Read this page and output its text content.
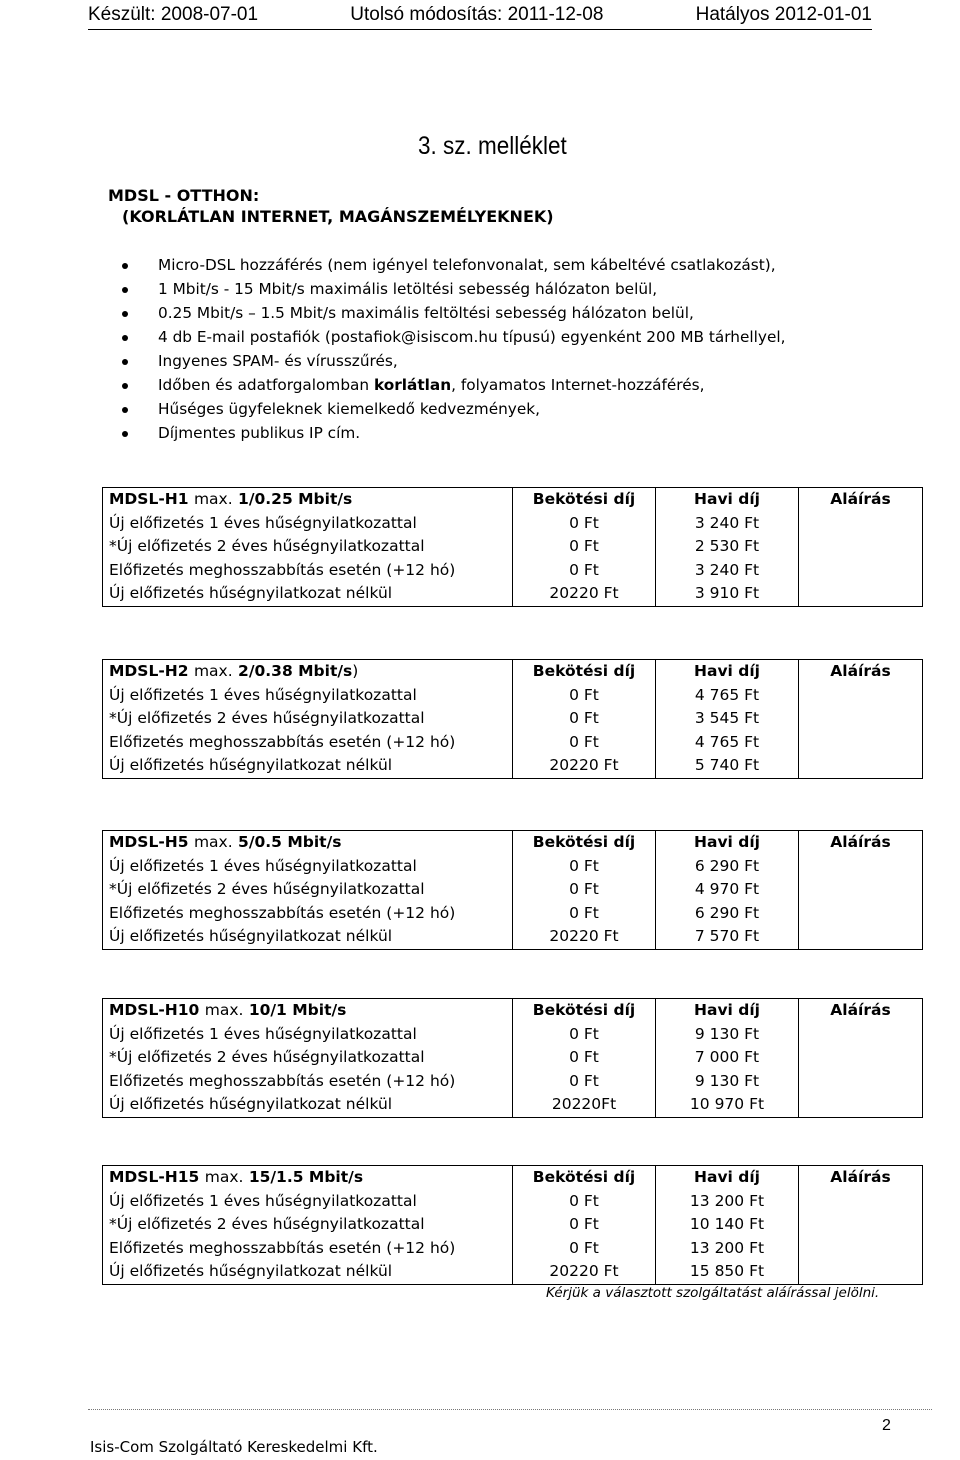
Készült: 2008-07-01	Utolsó módosítás: 2011-12-08	Hatályos 2012-01-01
3. sz. melléklet
MDSL - OTTHON:
(KORLÁTLAN INTERNET, MAGÁNSZEMÉLYEKNEK)
Micro-DSL hozzáférés (nem igényel telefonvonalat, sem kábeltévé csatlakozást),
1 Mbit/s - 15 Mbit/s maximális letöltési sebesség hálózaton belül,
0.25 Mbit/s – 1.5 Mbit/s maximális feltöltési sebesség hálózaton belül,
4 db E-mail postafiók (postafiok@isiscom.hu típusú) egyenként 200 MB tárhellyel,
Ingyenes SPAM- és vírusszűrés,
Időben és adatforgalomban korlátlan, folyamatos Internet-hozzáférés,
Hűséges ügyfeleknek kiemelkedő kedvezmények,
Díjmentes publikus IP cím.
MDSL-H1 max. 1/0.25 Mbit/s	Bekötési díj	Havi díj	Aláírás
Új előfizetés 1 éves hűségnyilatkozattal	0 Ft	3 240 Ft	
*Új előfizetés 2 éves hűségnyilatkozattal	0 Ft	2 530 Ft	
Előfizetés meghosszabbítás esetén (+12 hó)	0 Ft	3 240 Ft	
Új előfizetés hűségnyilatkozat nélkül	20220 Ft	3 910 Ft	
MDSL-H2 max. 2/0.38 Mbit/s)	Bekötési díj	Havi díj	Aláírás
Új előfizetés 1 éves hűségnyilatkozattal	0 Ft	4 765 Ft	
*Új előfizetés 2 éves hűségnyilatkozattal	0 Ft	3 545 Ft	
Előfizetés meghosszabbítás esetén (+12 hó)	0 Ft	4 765 Ft	
Új előfizetés hűségnyilatkozat nélkül	20220 Ft	5 740 Ft	
MDSL-H5 max. 5/0.5 Mbit/s	Bekötési díj	Havi díj	Aláírás
Új előfizetés 1 éves hűségnyilatkozattal	0 Ft	6 290 Ft	
*Új előfizetés 2 éves hűségnyilatkozattal	0 Ft	4 970 Ft	
Előfizetés meghosszabbítás esetén (+12 hó)	0 Ft	6 290 Ft	
Új előfizetés hűségnyilatkozat nélkül	20220 Ft	7 570 Ft	
MDSL-H10 max. 10/1 Mbit/s	Bekötési díj	Havi díj	Aláírás
Új előfizetés 1 éves hűségnyilatkozattal	0 Ft	9 130 Ft	
*Új előfizetés 2 éves hűségnyilatkozattal	0 Ft	7 000 Ft	
Előfizetés meghosszabbítás esetén (+12 hó)	0 Ft	9 130 Ft	
Új előfizetés hűségnyilatkozat nélkül	20220Ft	10 970 Ft	
MDSL-H15 max. 15/1.5 Mbit/s	Bekötési díj	Havi díj	Aláírás
Új előfizetés 1 éves hűségnyilatkozattal	0 Ft	13 200 Ft	
*Új előfizetés 2 éves hűségnyilatkozattal	0 Ft	10 140 Ft	
Előfizetés meghosszabbítás esetén (+12 hó)	0 Ft	13 200 Ft	
Új előfizetés hűségnyilatkozat nélkül	20220 Ft	15 850 Ft	
Kérjük a választott szolgáltatást aláírással jelölni.
2
Isis-Com Szolgáltató Kereskedelmi Kft.
